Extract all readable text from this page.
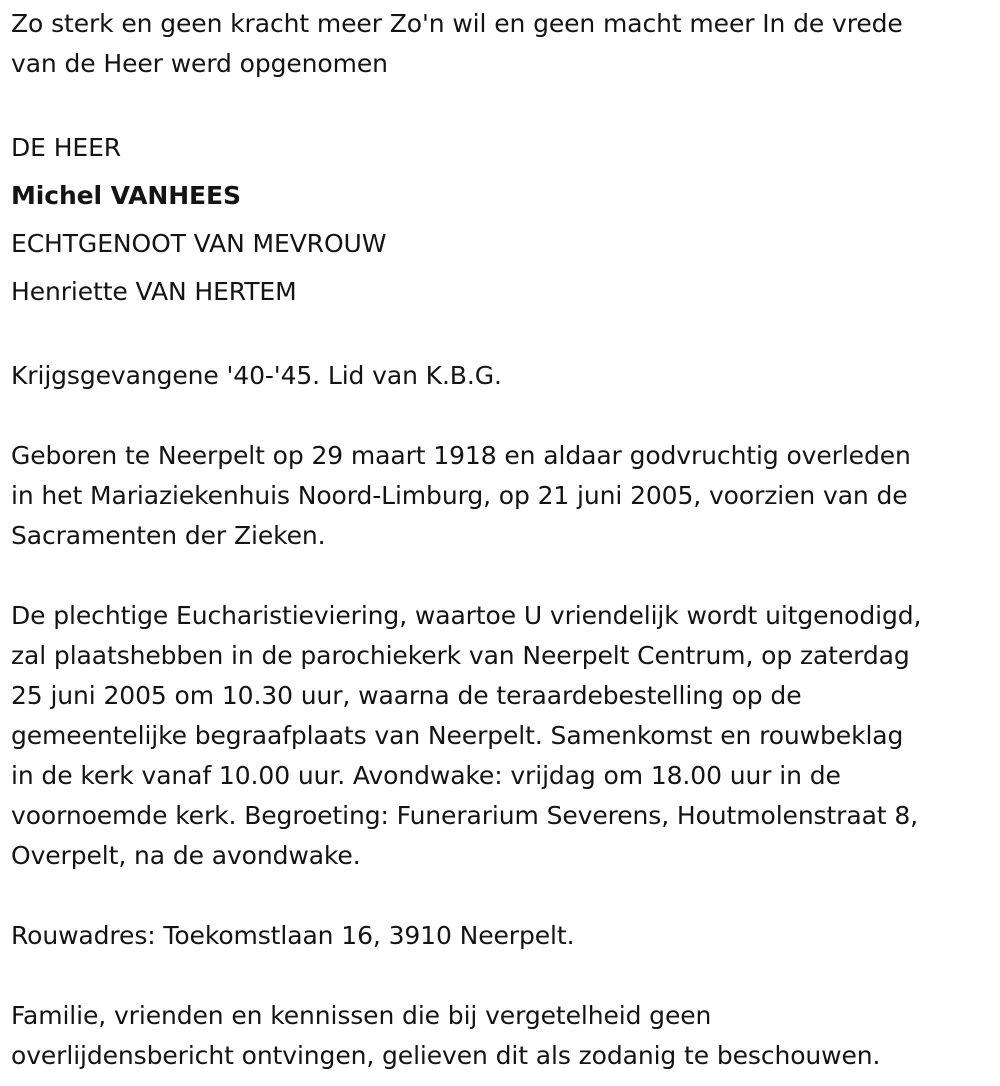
Zo sterk en geen kracht meer Zo'n wil en geen macht meer In de vrede

van de Heer werd opgenomen

DE HEER

Michel VANHEES

ECHTGENOOT VAN MEVROUW

Henriette VAN HERTEM

Krijgsgevangene '40-'45. Lid van K.B.G.

Geboren te Neerpelt op 29 maart 1918 en aldaar godvruchtig overleden

in het Mariaziekenhuis Noord-Limburg, op 21 juni 2005, voorzien van de

Sacramenten der Zieken.

De plechtige Eucharistieviering, waartoe U vriendelijk wordt uitgenodigd,

zal plaatshebben in de parochiekerk van Neerpelt Centrum, op zaterdag

25 juni 2005 om 10.30 uur, waarna de teraardebestelling op de

gemeentelijke begraafplaats van Neerpelt. Samenkomst en rouwbeklag

in de kerk vanaf 10.00 uur. Avondwake: vrijdag om 18.00 uur in de

voornoemde kerk. Begroeting: Funerarium Severens, Houtmolenstraat 8,

Overpelt, na de avondwake.

Rouwadres: Toekomstlaan 16, 3910 Neerpelt.

Familie, vrienden en kennissen die bij vergetelheid geen

overlijdensbericht ontvingen, gelieven dit als zodanig te beschouwen.
